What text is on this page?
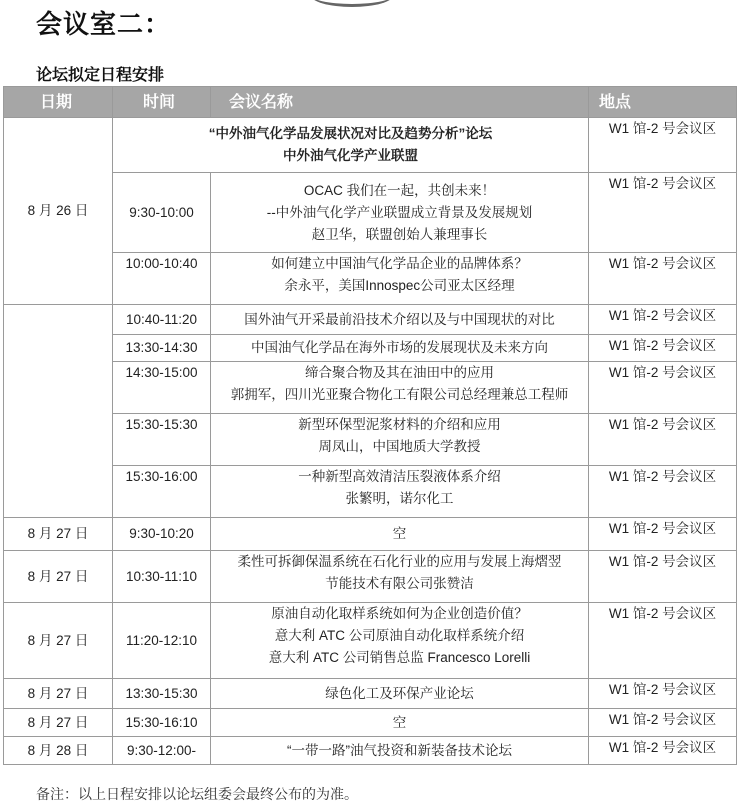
会议室二：
论坛拟定日程安排
日期	时间	会议名称	地点
8 月 26 日	“中外油气化学品发展状况对比及趋势分析”论坛
中外油气化学产业联盟		W1 馆-2 号会议区
	9:30-10:00	OCAC 我们在一起，共创未来！
--中外油气化学产业联盟成立背景及发展规划
赵卫华，联盟创始人兼理事长	W1 馆-2 号会议区
	10:00-10:40	如何建立中国油气化学品企业的品牌体系？
余永平，美国Innospec公司亚太区经理	W1 馆-2 号会议区
	10:40-11:20	国外油气开采最前沿技术介绍以及与中国现状的对比	W1 馆-2 号会议区
	13:30-14:30	中国油气化学品在海外市场的发展现状及未来方向	W1 馆-2 号会议区
	14:30-15:00	缔合聚合物及其在油田中的应用
郭拥军，四川光亚聚合物化工有限公司总经理兼总工程师	W1 馆-2 号会议区
	15:30-15:30	新型环保型泥浆材料的介绍和应用
周凤山，中国地质大学教授	W1 馆-2 号会议区
	15:30-16:00	一种新型高效清洁压裂液体系介绍
张繁明，诺尔化工	W1 馆-2 号会议区
8 月 27 日	9:30-10:20	空	W1 馆-2 号会议区
8 月 27 日	10:30-11:10	柔性可拆御保温系统在石化行业的应用与发展上海熠翌
节能技术有限公司张赞洁	W1 馆-2 号会议区
8 月 27 日	11:20-12:10	原油自动化取样系统如何为企业创造价值？
意大利 ATC 公司原油自动化取样系统介绍
意大利 ATC 公司销售总监 Francesco Lorelli	W1 馆-2 号会议区
8 月 27 日	13:30-15:30	绿色化工及环保产业论坛	W1 馆-2 号会议区
8 月 27 日	15:30-16:10	空	W1 馆-2 号会议区
8 月 28 日	9:30-12:00-	“一带一路”油气投资和新装备技术论坛	W1 馆-2 号会议区
备注：以上日程安排以论坛组委会最终公布的为准。
